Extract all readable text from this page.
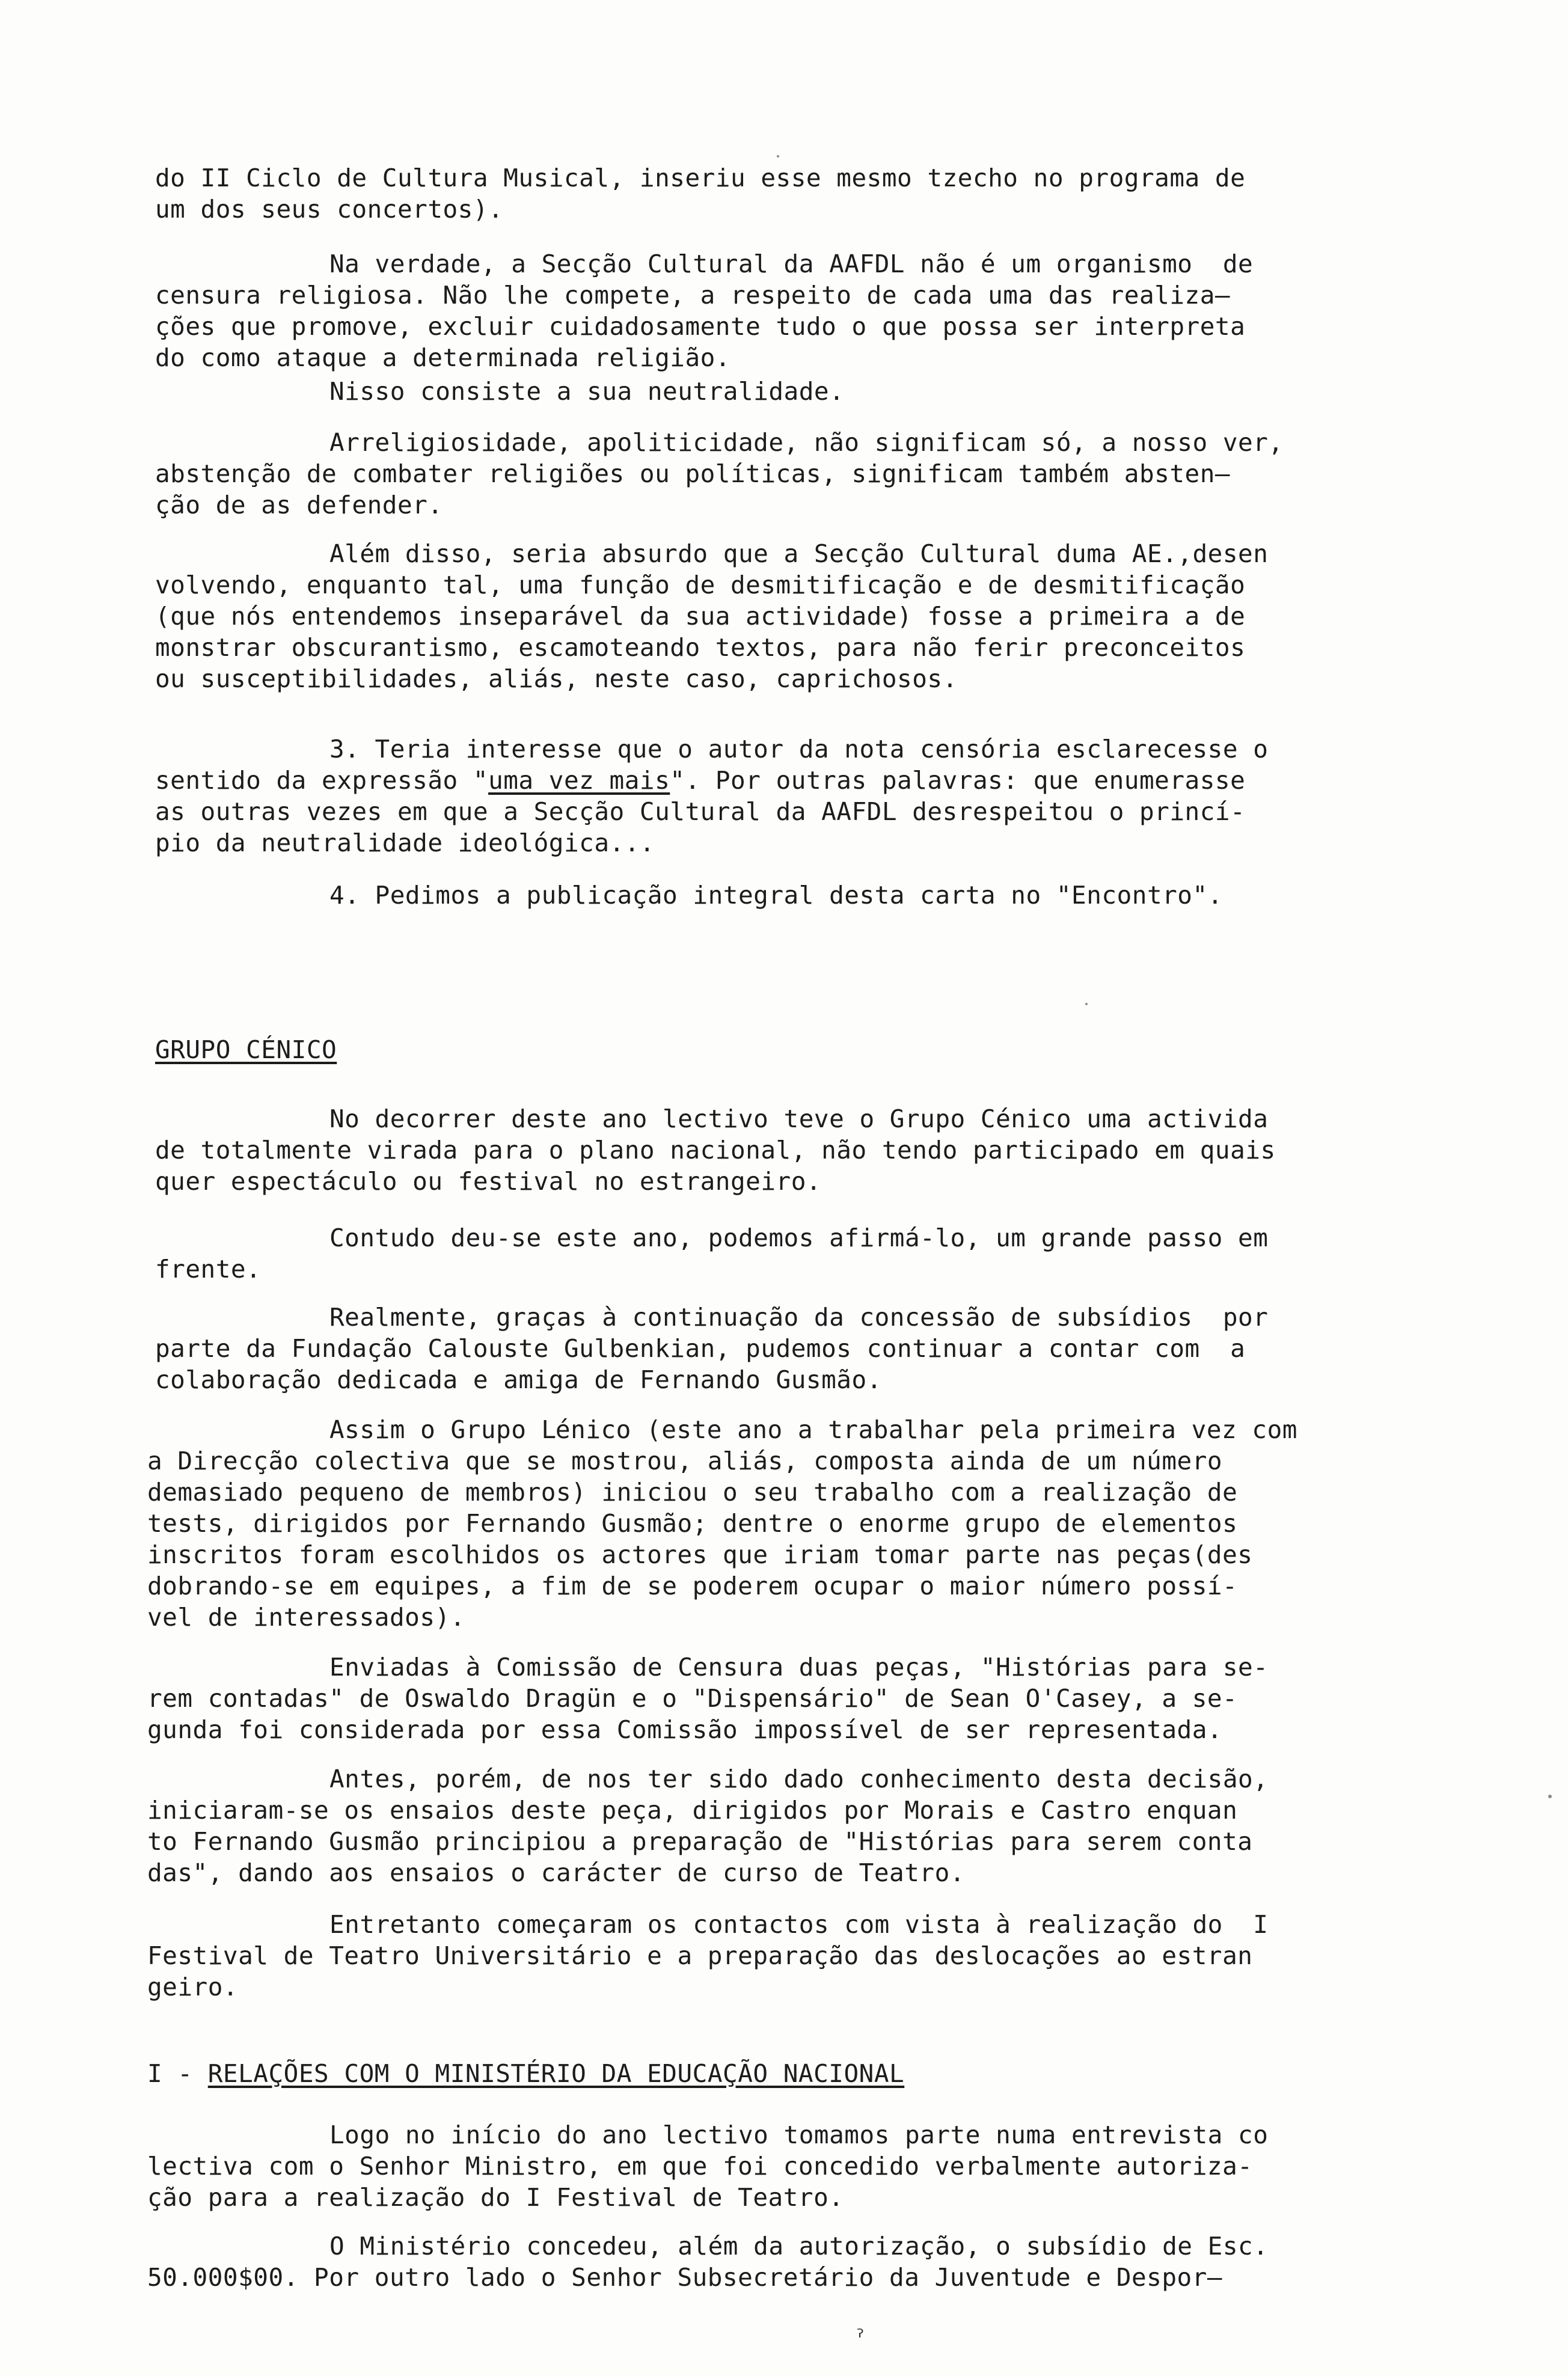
do II Ciclo de Cultura Musical, inseriu esse mesmo tzecho no programa de
um dos seus concertos).
Na verdade, a Secção Cultural da AAFDL não é um organismo  de
censura religiosa. Não lhe compete, a respeito de cada uma das realiza—
ções que promove, excluir cuidadosamente tudo o que possa ser interpreta
do como ataque a determinada religião.
Nisso consiste a sua neutralidade.
Arreligiosidade, apoliticidade, não significam só, a nosso ver,
abstenção de combater religiões ou políticas, significam também absten—
ção de as defender.
Além disso, seria absurdo que a Secção Cultural duma AE.,desen
volvendo, enquanto tal, uma função de desmitificação e de desmitificação
(que nós entendemos inseparável da sua actividade) fosse a primeira a de
monstrar obscurantismo, escamoteando textos, para não ferir preconceitos
ou susceptibilidades, aliás, neste caso, caprichosos.
3. Teria interesse que o autor da nota censória esclarecesse o
sentido da expressão "uma vez mais". Por outras palavras: que enumerasse
as outras vezes em que a Secção Cultural da AAFDL desrespeitou o princí-
pio da neutralidade ideológica...
4. Pedimos a publicação integral desta carta no "Encontro".
GRUPO CÉNICO
No decorrer deste ano lectivo teve o Grupo Cénico uma activida
de totalmente virada para o plano nacional, não tendo participado em quais
quer espectáculo ou festival no estrangeiro.
Contudo deu-se este ano, podemos afirmá-lo, um grande passo em
frente.
Realmente, graças à continuação da concessão de subsídios  por
parte da Fundação Calouste Gulbenkian, pudemos continuar a contar com  a
colaboração dedicada e amiga de Fernando Gusmão.
Assim o Grupo ᒪénico (este ano a trabalhar pela primeira vez com
a Direcção colectiva que se mostrou, aliás, composta ainda de um número
demasiado pequeno de membros) iniciou o seu trabalho com a realização de
tests, dirigidos por Fernando Gusmão; dentre o enorme grupo de elementos
inscritos foram escolhidos os actores que iriam tomar parte nas peças(des
dobrando-se em equipes, a fim de se poderem ocupar o maior número possí-
vel de interessados).
Enviadas à Comissão de Censura duas peças, "Histórias para se-
rem contadas" de Oswaldo Dragün e o "Dispensário" de Sean O'Casey, a se-
gunda foi considerada por essa Comissão impossível de ser representada.
Antes, porém, de nos ter sido dado conhecimento desta decisão,
iniciaram-se os ensaios deste peça, dirigidos por Morais e Castro enquan
to Fernando Gusmão principiou a preparação de "Histórias para serem conta
das", dando aos ensaios o carácter de curso de Teatro.
Entretanto começaram os contactos com vista à realização do  I
Festival de Teatro Universitário e a preparação das deslocações ao estran
geiro.
I - RELAÇÕES COM O MINISTÉRIO DA EDUCAÇÃO NACIONAL
Logo no início do ano lectivo tomamos parte numa entrevista co
lectiva com o Senhor Ministro, em que foi concedido verbalmente autoriza-
ção para a realização do I Festival de Teatro.
O Ministério concedeu, além da autorização, o subsídio de Esc.
50.000$00. Por outro lado o Senhor Subsecretário da Juventude e Despor—
ˀ
